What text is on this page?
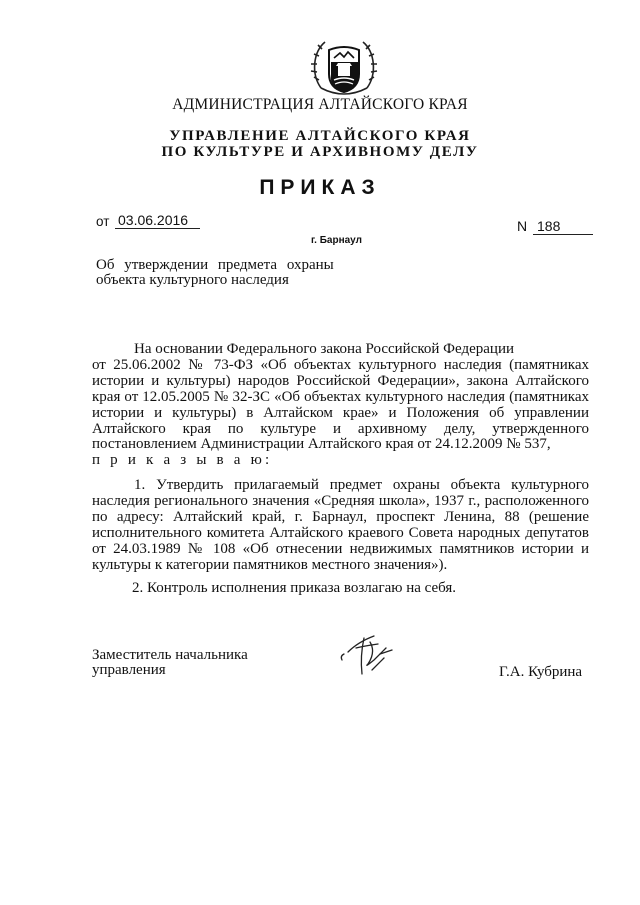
АДМИНИСТРАЦИЯ АЛТАЙСКОГО КРАЯ
УПРАВЛЕНИЕ АЛТАЙСКОГО КРАЯ
ПО КУЛЬТУРЕ И АРХИВНОМУ ДЕЛУ
ПРИКАЗ
от 03.06.2016
г. Барнаул
N 188
Об утверждении предмета охраны
объекта культурного наследия
На основании Федерального закона Российской Федерации
от 25.06.2002 № 73-ФЗ «Об объектах культурного наследия (памятниках истории и культуры) народов Российской Федерации», закона Алтайского края от 12.05.2005 № 32-ЗС «Об объектах культурного наследия (памятниках истории и культуры) в Алтайском крае» и Положения об управлении Алтайского края по культуре и архивному делу, утвержденного постановлением Администрации Алтайского края от 24.12.2009 № 537,
п р и к а з ы в а ю:
1. Утвердить прилагаемый предмет охраны объекта культурного наследия регионального значения «Средняя школа», 1937 г., расположенного по адресу: Алтайский край, г. Барнаул, проспект Ленина, 88 (решение исполнительного комитета Алтайского краевого Совета народных депутатов от 24.03.1989 № 108 «Об отнесении недвижимых памятников истории и культуры к категории памятников местного значения»).
2. Контроль исполнения приказа возлагаю на себя.
Заместитель начальника
управления	Г.А. Кубрина
